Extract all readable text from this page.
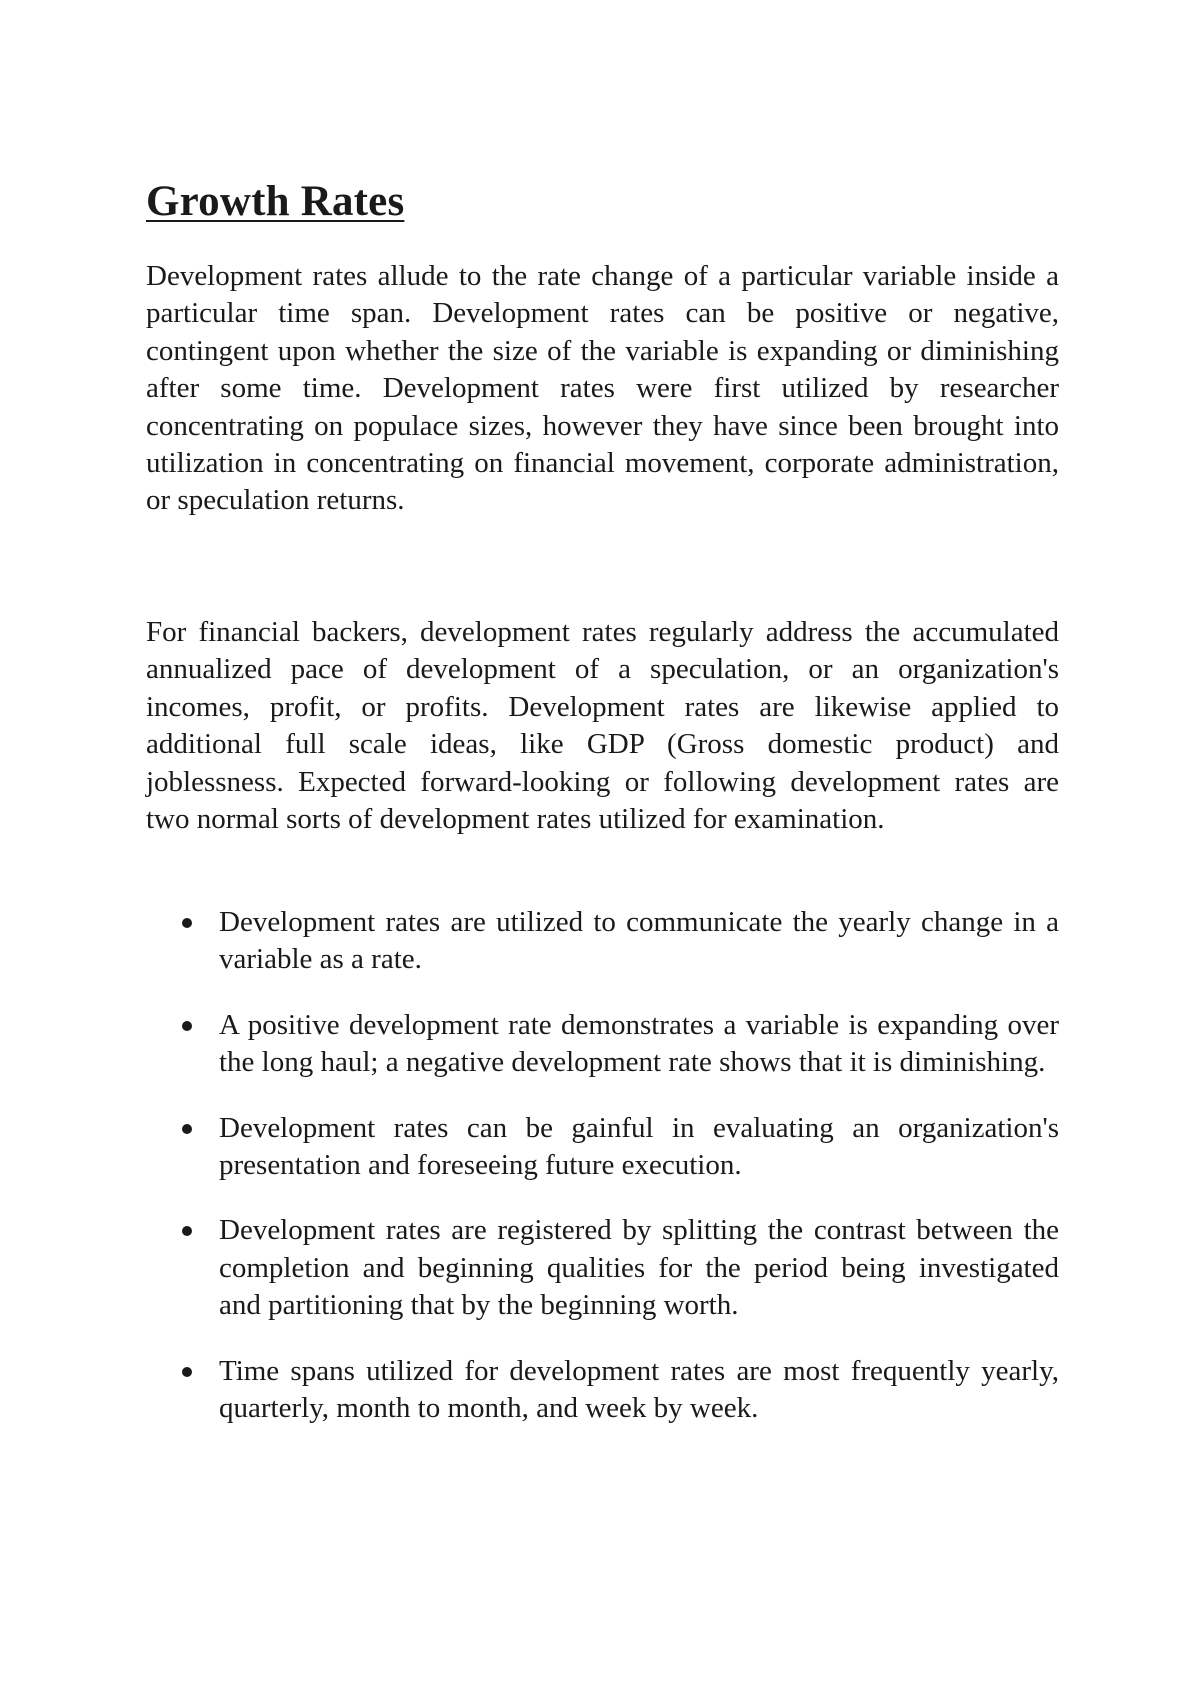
Growth Rates

Development rates allude to the rate change of a particular variable inside a particular time span. Development rates can be positive or negative, contingent upon whether the size of the variable is expanding or diminishing after some time. Development rates were first utilized by researcher concentrating on populace sizes, however they have since been brought into utilization in concentrating on financial movement, corporate administration, or speculation returns.

For financial backers, development rates regularly address the accumulated annualized pace of development of a speculation, or an organization's incomes, profit, or profits. Development rates are likewise applied to additional full scale ideas, like GDP (Gross domestic product) and joblessness. Expected forward-looking or following development rates are two normal sorts of development rates utilized for examination.

Development rates are utilized to communicate the yearly change in a variable as a rate.
A positive development rate demonstrates a variable is expanding over the long haul; a negative development rate shows that it is diminishing.
Development rates can be gainful in evaluating an organization's presentation and foreseeing future execution.
Development rates are registered by splitting the contrast between the completion and beginning qualities for the period being investigated and partitioning that by the beginning worth.
Time spans utilized for development rates are most frequently yearly, quarterly, month to month, and week by week.
